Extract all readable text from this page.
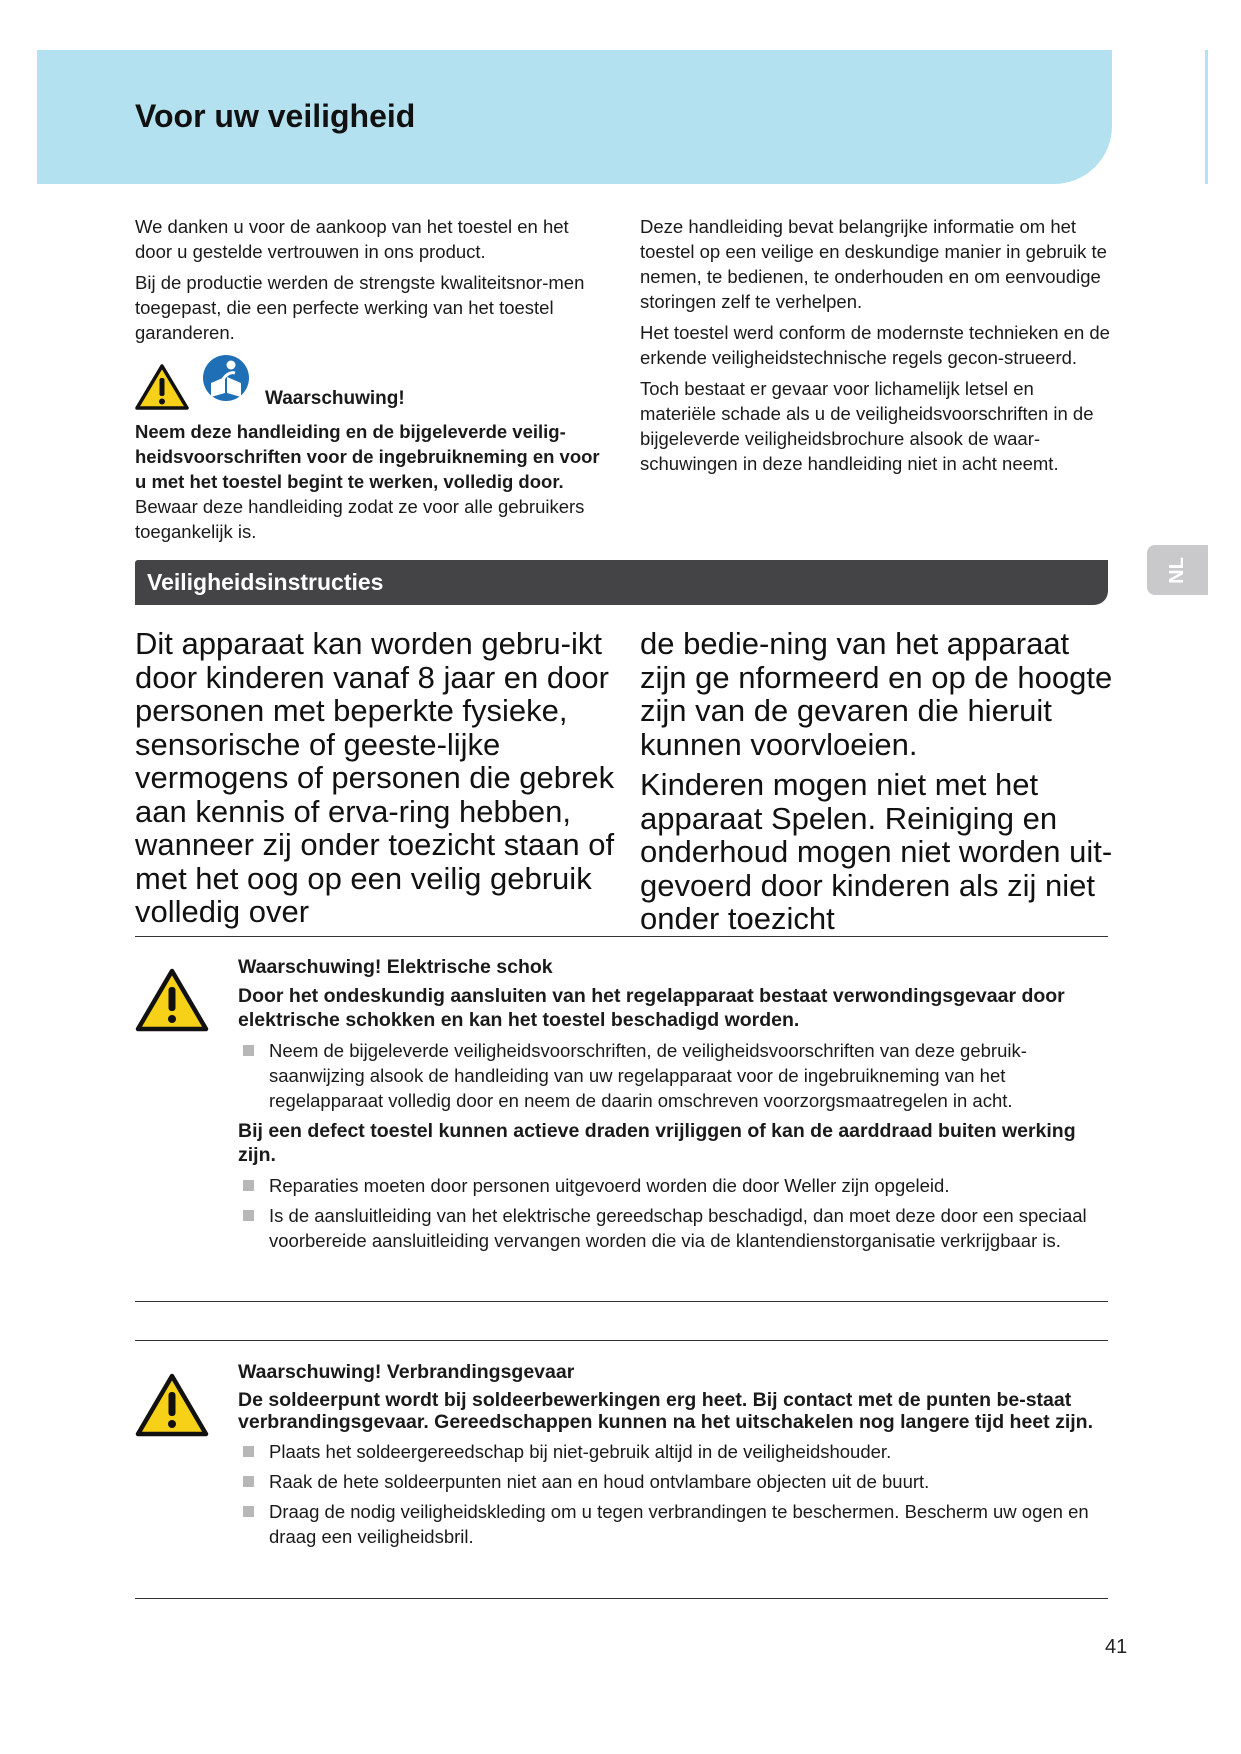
Voor uw veiligheid
NL

We danken u voor de aankoop van het toestel en het door u gestelde vertrouwen in ons product.

Bij de productie werden de strengste kwaliteitsnor-men toegepast, die een perfecte werking van het toestel garanderen.

Waarschuwing!

Neem deze handleiding en de bijgeleverde veilig-heidsvoorschriften voor de ingebruikneming en voor u met het toestel begint te werken, volledig door. Bewaar deze handleiding zodat ze voor alle gebruikers toegankelijk is.

Deze handleiding bevat belangrijke informatie om het toestel op een veilige en deskundige manier in gebruik te nemen, te bedienen, te onderhouden en om eenvoudige storingen zelf te verhelpen.

Het toestel werd conform de modernste technieken en de erkende veiligheidstechnische regels gecon-strueerd.

Toch bestaat er gevaar voor lichamelijk letsel en materiële schade als u de veiligheidsvoorschriften in de bijgeleverde veiligheidsbrochure alsook de waar-schuwingen in deze handleiding niet in acht neemt.

Veiligheidsinstructies

Dit apparaat kan worden gebru-ikt door kinderen vanaf 8 jaar en door personen met beperkte fysieke, sensorische of geeste-lijke vermogens of personen die gebrek aan kennis of erva-ring hebben, wanneer zij onder toezicht staan of met het oog op een veilig gebruik volledig over

de bedie-ning van het apparaat zijn ge nformeerd en op de hoogte zijn van de gevaren die hieruit kunnen voorvloeien.

Kinderen mogen niet met het apparaat Spelen. Reiniging en onderhoud mogen niet worden uit-gevoerd door kinderen als zij niet onder toezicht

Waarschuwing! Elektrische schok

Door het ondeskundig aansluiten van het regelapparaat bestaat verwondingsgevaar door elektrische schokken en kan het toestel beschadigd worden.

Neem de bijgeleverde veiligheidsvoorschriften, de veiligheidsvoorschriften van deze gebruik-saanwijzing alsook de handleiding van uw regelapparaat voor de ingebruikneming van het regelapparaat volledig door en neem de daarin omschreven voorzorgsmaatregelen in acht.

Bij een defect toestel kunnen actieve draden vrijliggen of kan de aarddraad buiten werking zijn.

Reparaties moeten door personen uitgevoerd worden die door Weller zijn opgeleid.
Is de aansluitleiding van het elektrische gereedschap beschadigd, dan moet deze door een speciaal voorbereide aansluitleiding vervangen worden die via de klantendienstorganisatie verkrijgbaar is.

Waarschuwing! Verbrandingsgevaar

De soldeerpunt wordt bij soldeerbewerkingen erg heet. Bij contact met de punten be-staat verbrandingsgevaar. Gereedschappen kunnen na het uitschakelen nog langere tijd heet zijn.

Plaats het soldeergereedschap bij niet-gebruik altijd in de veiligheidshouder.
Raak de hete soldeerpunten niet aan en houd ontvlambare objecten uit de buurt.
Draag de nodig veiligheidskleding om u tegen verbrandingen te beschermen. Bescherm uw ogen en draag een veiligheidsbril.
41
